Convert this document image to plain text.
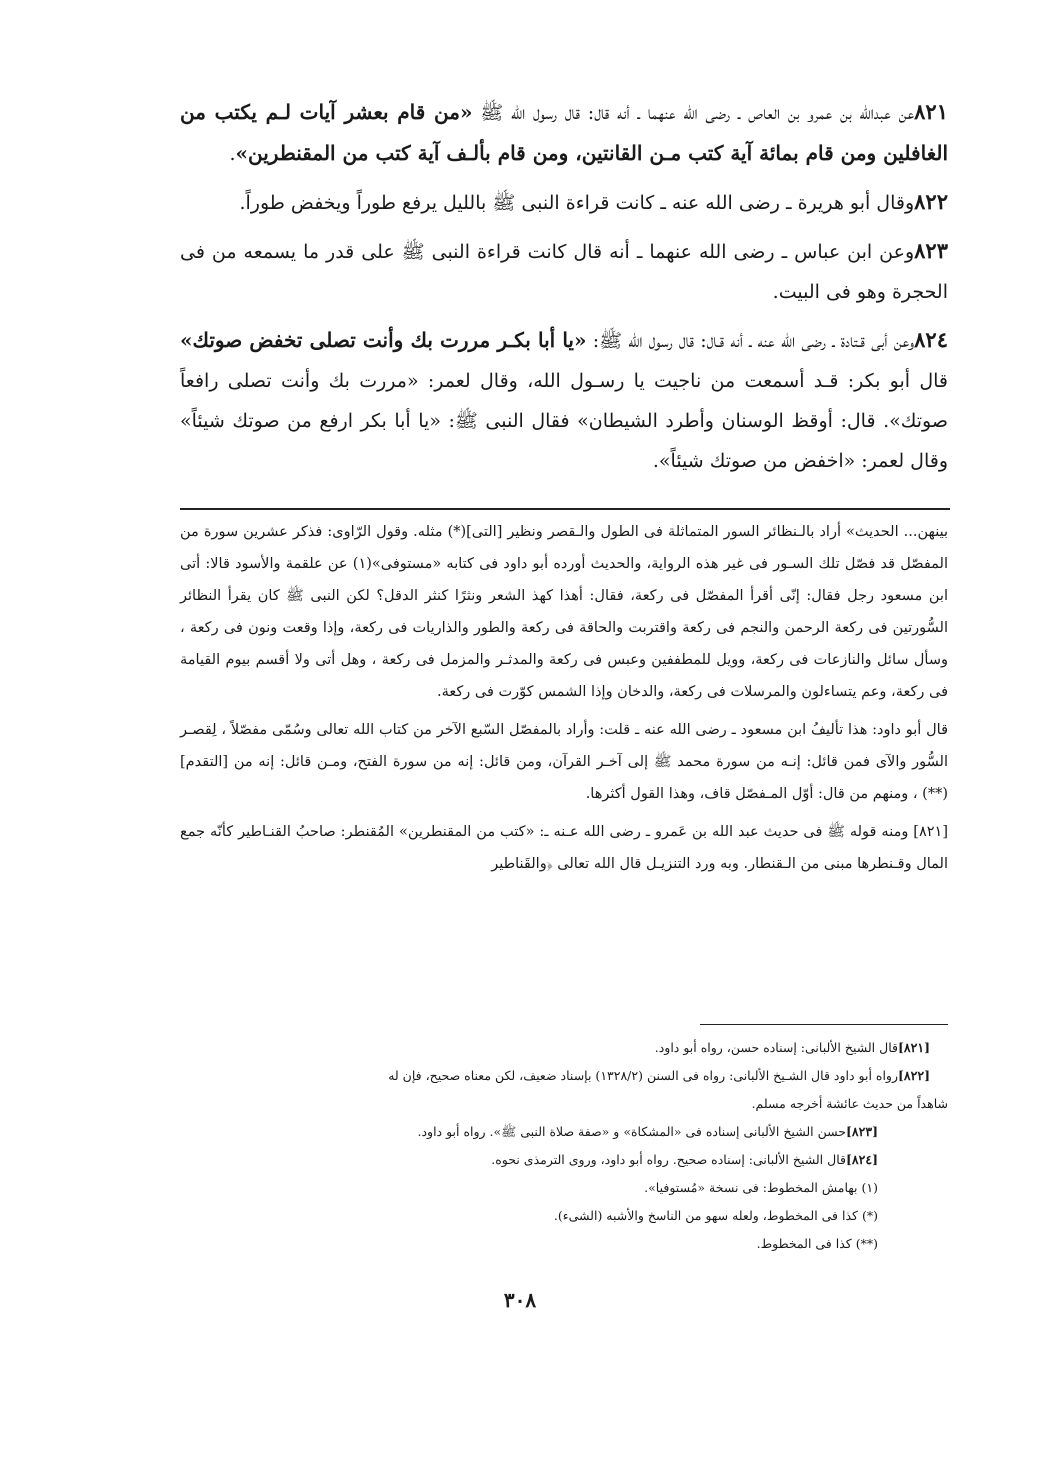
٨٢١عن عبدالله بن عمرو بن العاص ـ رضى الله عنهما ـ أنه قال: قال رسول الله ﷺ «من قام بعشر آيات لـم يكتب من الغافلين ومن قام بمائة آية كتب مـن القانتين، ومن قام بألـف آية كتب من المقنطرين».

٨٢٢وقال أبو هريرة ـ رضى الله عنه ـ كانت قراءة النبى ﷺ بالليل يرفع طوراً ويخفض طوراً.

٨٢٣وعن ابن عباس ـ رضى الله عنهما ـ أنه قال كانت قراءة النبى ﷺ على قدر ما يسمعه من فى الحجرة وهو فى البيت.

٨٢٤وعن أبى قـتادة ـ رضى الله عنه ـ أنه قـال: قال رسول الله ﷺ: «يا أبا بكـر مررت بك وأنت تصلى تخفض صوتك» قال أبو بكر: قـد أسمعت من ناجيت يا رسـول الله، وقال لعمر: «مررت بك وأنت تصلى رافعاً صوتك». قال: أوقظ الوسنان وأطرد الشيطان» فقال النبى ﷺ: «يا أبا بكر ارفع من صوتك شيئاً» وقال لعمر: «اخفض من صوتك شيئاً».

بينهن... الحديث» أراد بالـنظائر السور المتماثلة فى الطول والـقصر ونظير [التى](*) مثله. وقول الرّاوى: فذكر عشرين سورة من المفصّل قد فصّل تلك السـور فى غير هذه الرواية، والحديث أورده أبو داود فى كتابه «مستوفى»(١) عن علقمة والأسود قالا: أتى ابن مسعود رجل فقال: إنّى أقرأ المفصّل فى ركعة، فقال: أهذا كهذ الشعر ونثرًا كنثر الدقل؟ لكن النبى ﷺ كان يقرأ النظائر السُّورتين فى ركعة الرحمن والنجم فى ركعة واقتربت والحاقة فى ركعة والطور والذاريات فى ركعة، وإذا وقعت ونون فى ركعة ، وسأل سائل والنازعات فى ركعة، وويل للمطففين وعبس فى ركعة والمدثـر والمزمل فى ركعة ، وهل أتى ولا أقسم بيوم القيامة فى ركعة، وعم يتساءلون والمرسلات فى ركعة، والدخان وإذا الشمس كوّرت فى ركعة.

قال أبو داود: هذا تأليفُ ابن مسعود ـ رضى الله عنه ـ قلت: وأراد بالمفصّل السّبع الآخر من كتاب الله تعالى وسُمّى مفصّلاً ، لِقصـر السُّور والآى فمن قائل: إنـه من سورة محمد ﷺ إلى آخـر القرآن، ومن قائل: إنه من سورة الفتح، ومـن قائل: إنه من [التقدم](**) ، ومنهم من قال: أوّل المـفصّل قاف، وهذا القول أكثرها.

[٨٢١] ومنه قوله ﷺ فى حديث عبد الله بن عَمرو ـ رضى الله عـنه ـ: «كتب من المقنطرين» المُقنطر: صاحبُ القنـاطير كأنّه جمع المال وقـنطرها مبنى من الـقنطار. وبه ورد التنزيـل قال الله تعالى ﴿والقَناطير

[٨٢١]قال الشيخ الألبانى: إسناده حسن، رواه أبو داود.

[٨٢٢]رواه أبو داود قال الشـيخ الألبانى: رواه فى السنن (١٣٢٨/٢) بإسناد ضعيف، لكن معناه صحيح، فإن له

شاهداً من حديث عائشة أخرجه مسلم.

[٨٢٣]حسن الشيخ الألبانى إسناده فى «المشكاة» و «صفة صلاة النبى ﷺ». رواه أبو داود.

[٨٢٤]قال الشيخ الألبانى: إسناده صحيح. رواه أبو داود، وروى الترمذى نحوه.

(١) بهامش المخطوط: فى نسخة «مُستوفيا».

(*) كذا فى المخطوط، ولعله سهو من الناسخ والأشبه (الشىء).

(**) كذا فى المخطوط.

٣٠٨
